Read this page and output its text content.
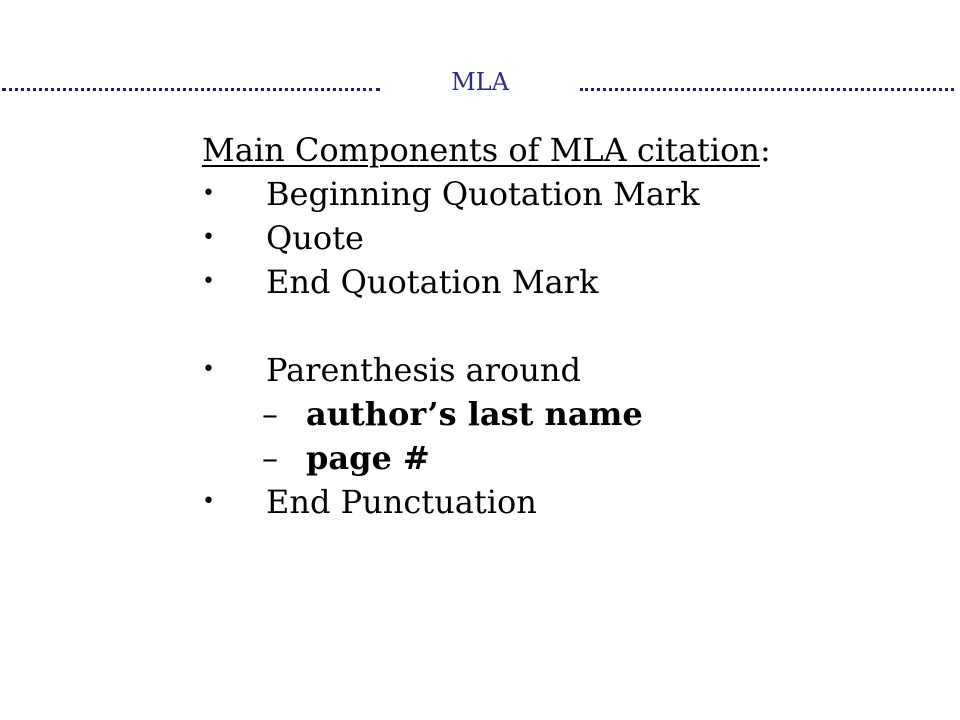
MLA
Main Components of MLA citation:
• Beginning Quotation Mark
• Quote
• End Quotation Mark
• Parenthesis around
– author’s last name
– page #
• End Punctuation
